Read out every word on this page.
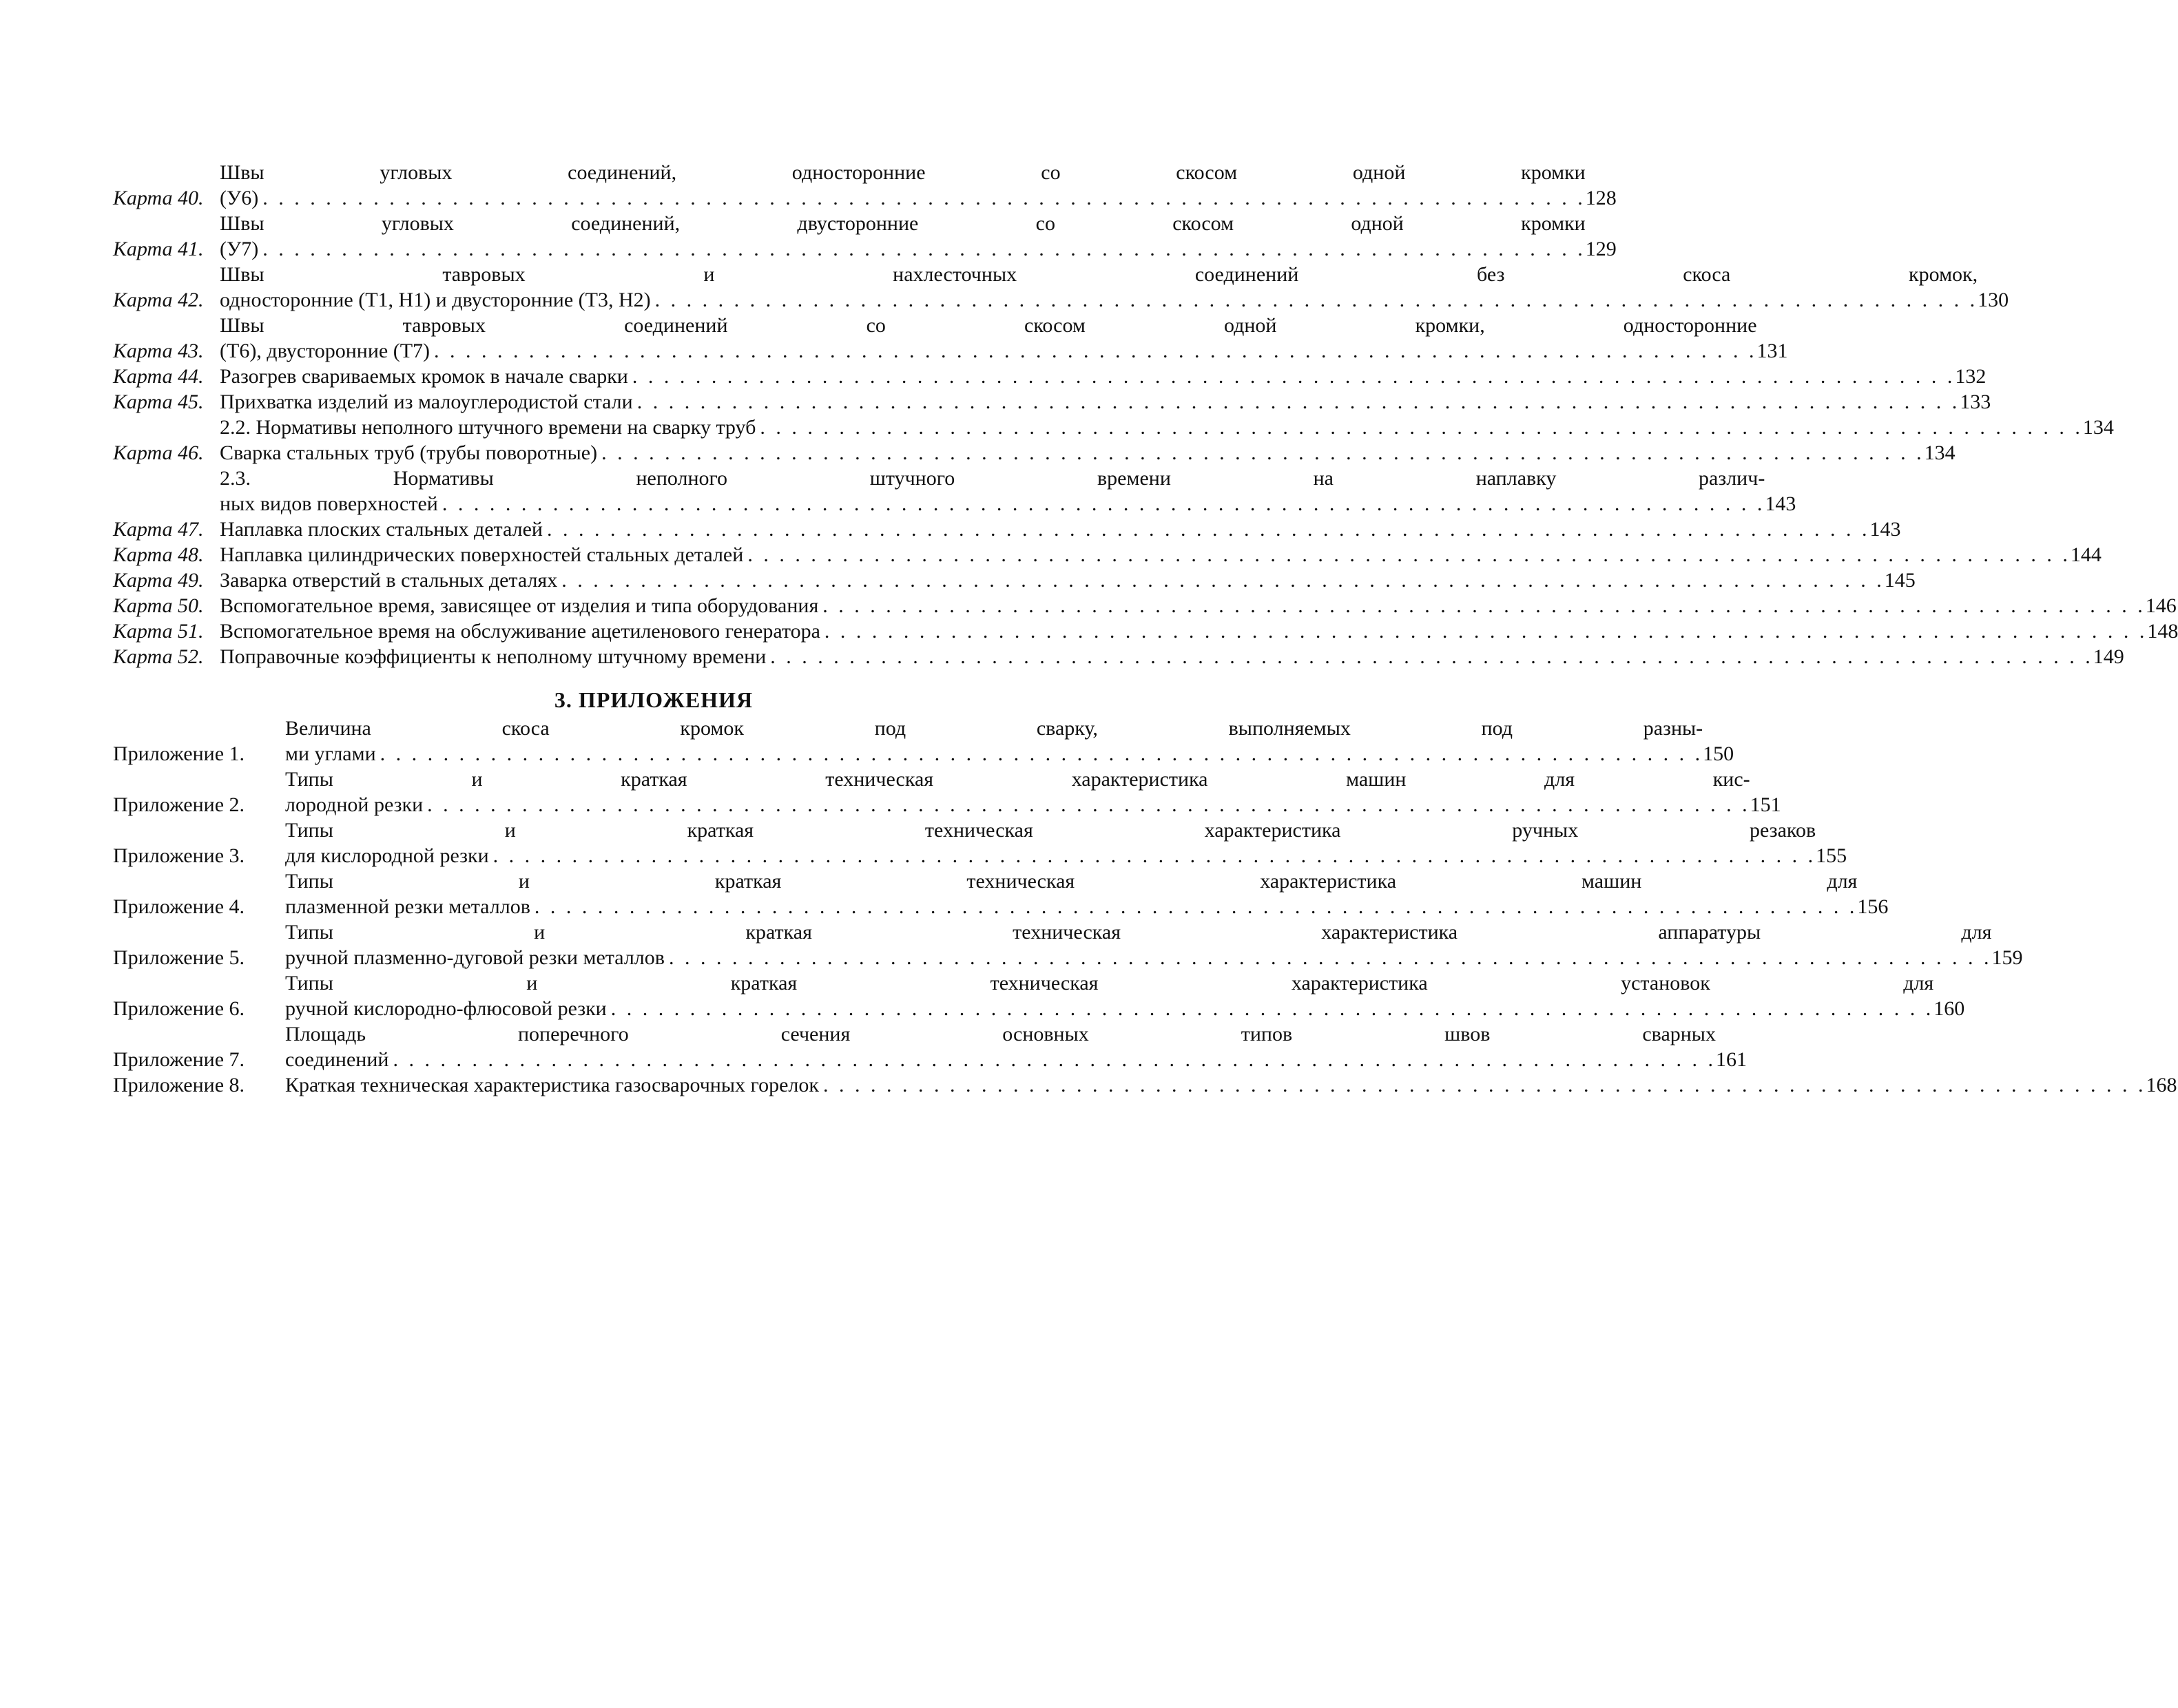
Карта 40.
Швы угловых соединений, односторонние со скосом одной кромки
(У6) . . .	128
Карта 41.
Швы угловых соединений, двусторонние со скосом одной кромки
(У7) . . .	129
Карта 42.
Швы тавровых и нахлесточных соединений без скоса кромок,
односторонние (Т1, Н1) и двусторонние (Т3, Н2) . . .	130
Карта 43.
Швы тавровых соединений со скосом одной кромки, односторонние
(Т6), двусторонние (Т7) . . .	131
Карта 44. Разогрев свариваемых кромок в начале сварки . . .	132
Карта 45. Прихватка изделий из малоуглеродистой стали . . .	133
2.2. Нормативы неполного штучного времени на сварку труб . . .	134
Карта 46. Сварка стальных труб (трубы поворотные) . . .	134
2.3. Нормативы неполного штучного времени на наплавку различ-
ных видов поверхностей . . .	143
Карта 47. Наплавка плоских стальных деталей . . .	143
Карта 48. Наплавка цилиндрических поверхностей стальных деталей . . .	144
Карта 49. Заварка отверстий в стальных деталях . . .	145
Карта 50. Вспомогательное время, зависящее от изделия и типа оборудования . . .	146
Карта 51. Вспомогательное время на обслуживание ацетиленового генератора . . .	148
Карта 52. Поправочные коэффициенты к неполному штучному времени . . .	149
3. ПРИЛОЖЕНИЯ
Приложение 1.
Величина скоса кромок под сварку, выполняемых под разны-
ми углами . . .	150
Приложение 2.
Типы и краткая техническая характеристика машин для кис-
лородной резки . . .	151
Приложение 3.
Типы и краткая техническая характеристика ручных резаков
для кислородной резки . . .	155
Приложение 4.
Типы и краткая техническая характеристика машин для
плазменной резки металлов . . .	156
Приложение 5.
Типы и краткая техническая характеристика аппаратуры для
ручной плазменно-дуговой резки металлов . . .	159
Приложение 6.
Типы и краткая техническая характеристика установок для
ручной кислородно-флюсовой резки . . .	160
Приложение 7.
Площадь поперечного сечения основных типов швов сварных
соединений . . .	161
Приложение 8.	Краткая техническая характеристика газосварочных горелок . . .	168
